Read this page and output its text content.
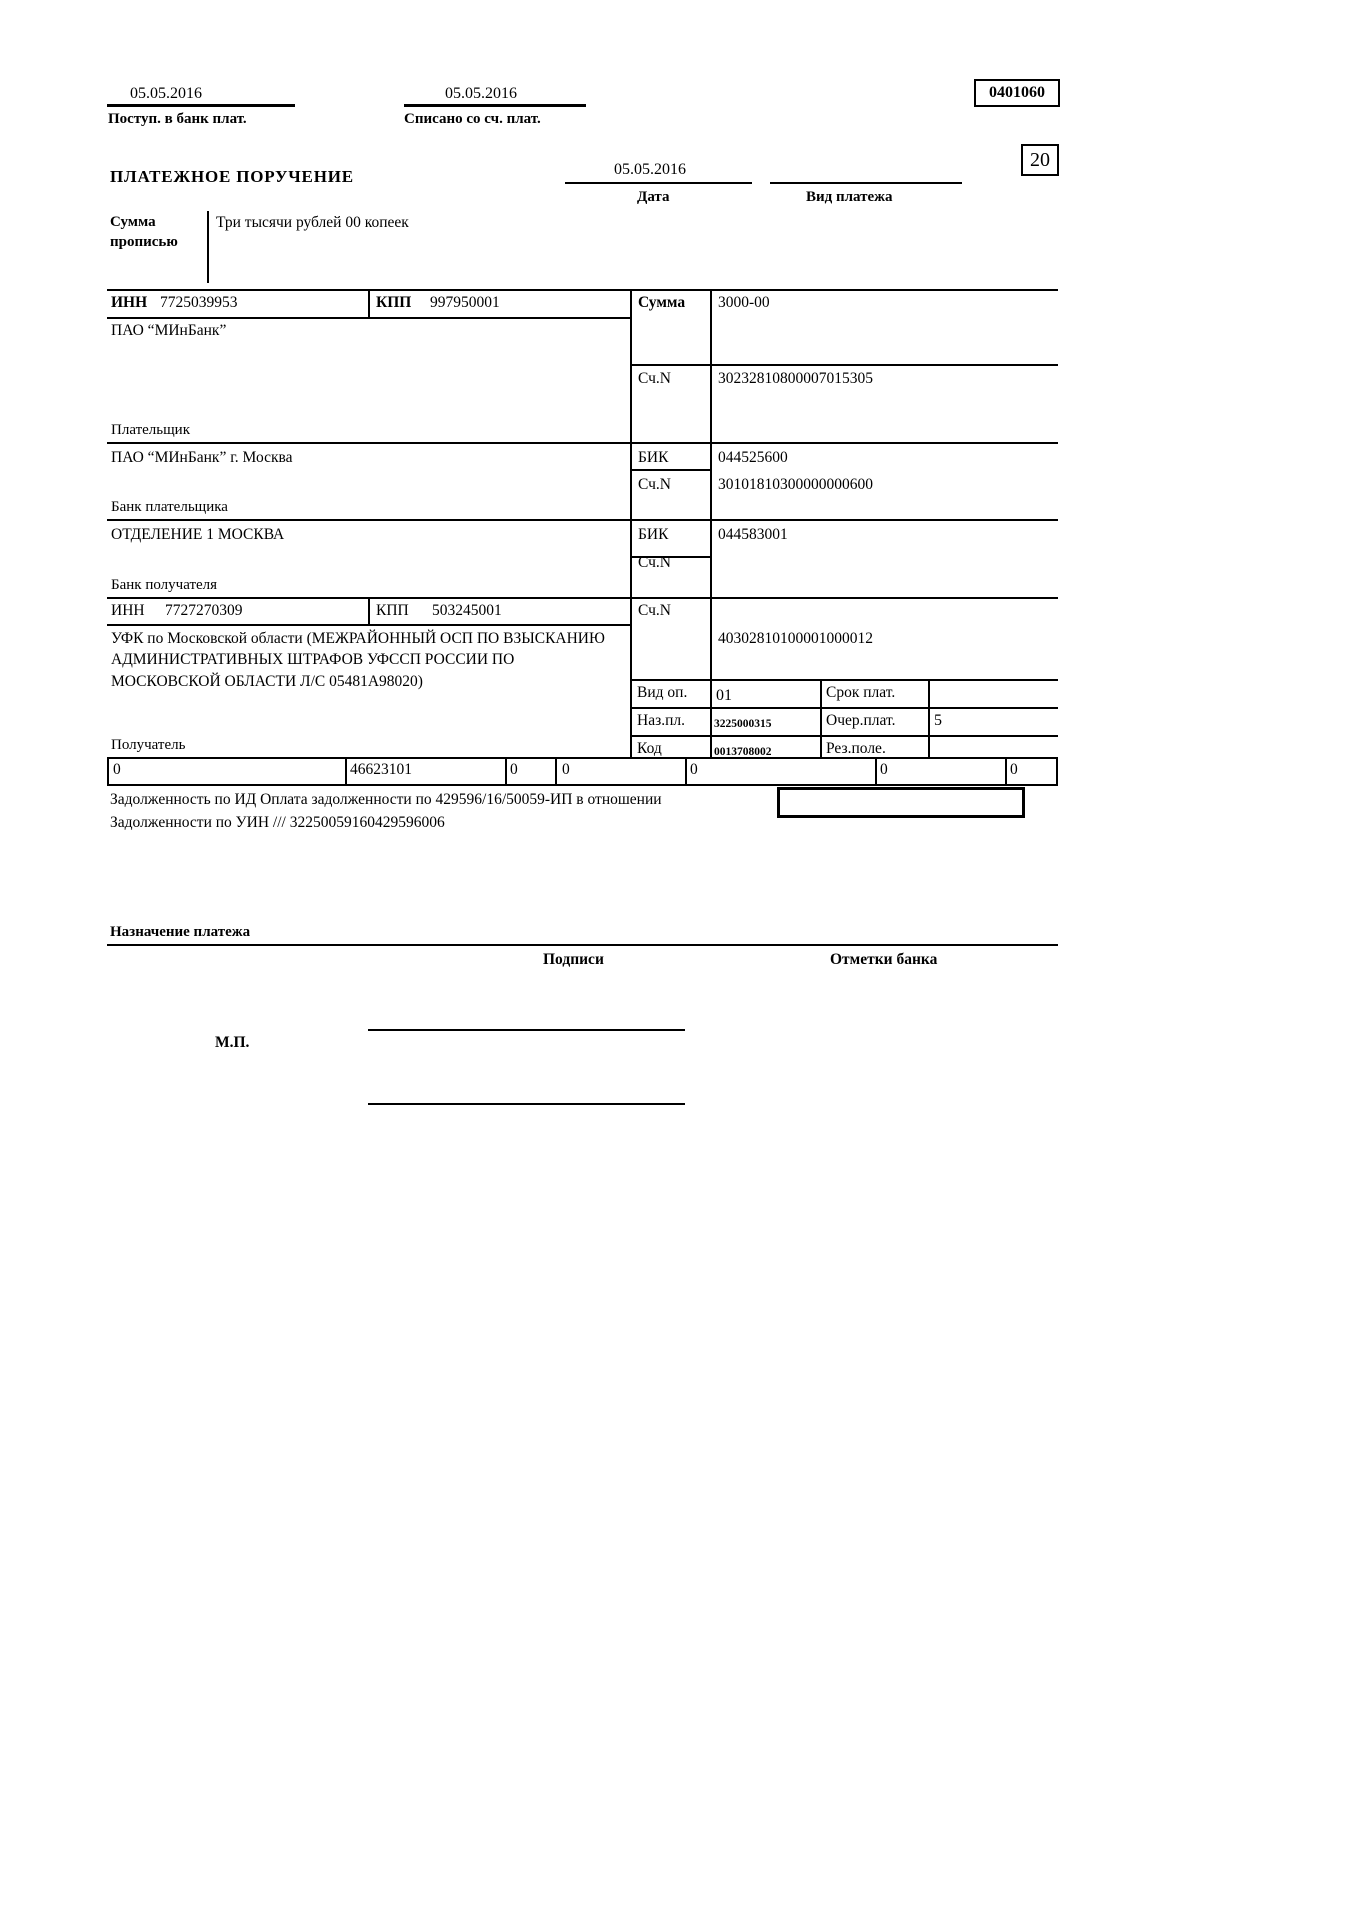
05.05.2016
Поступ. в банк плат.
05.05.2016
Списано со сч. плат.
0401060
ПЛАТЕЖНОЕ ПОРУЧЕНИЕ	05.05.2016
Дата	Вид платежа
20
Сумма прописью
Три тысячи рублей 00 копеек
ИНН 7725039953	КПП 997950001	Сумма 3000-00
ПАО “МИнБанк”
Сч.N	30232810800007015305
Плательщик
ПАО “МИнБанк” г. Москва	БИК	044525600
Сч.N	30101810300000000600
Банк плательщика
ОТДЕЛЕНИЕ 1 МОСКВА	БИК	044583001
Сч.N
Банк получателя
ИНН 7727270309	КПП 503245001	Сч.N
УФК по Московской области (МЕЖРАЙОННЫЙ ОСП ПО ВЗЫСКАНИЮ АДМИНИСТРАТИВНЫХ ШТРАФОВ УФССП РОССИИ ПО МОСКОВСКОЙ ОБЛАСТИ Л/С 05481А98020)
40302810100001000012
Вид оп. 01	Срок плат.
Наз.пл.	3225000315	Очер.плат. 5
Код	0013708002	Рез.поле.
Получатель
0	46623101	0	0	0	0	0
Задолженность по ИД Оплата задолженности по 429596/16/50059-ИП в отношении
Задолженности по УИН /// 32250059160429596006
Назначение платежа
Подписи	Отметки банка
М.П.
